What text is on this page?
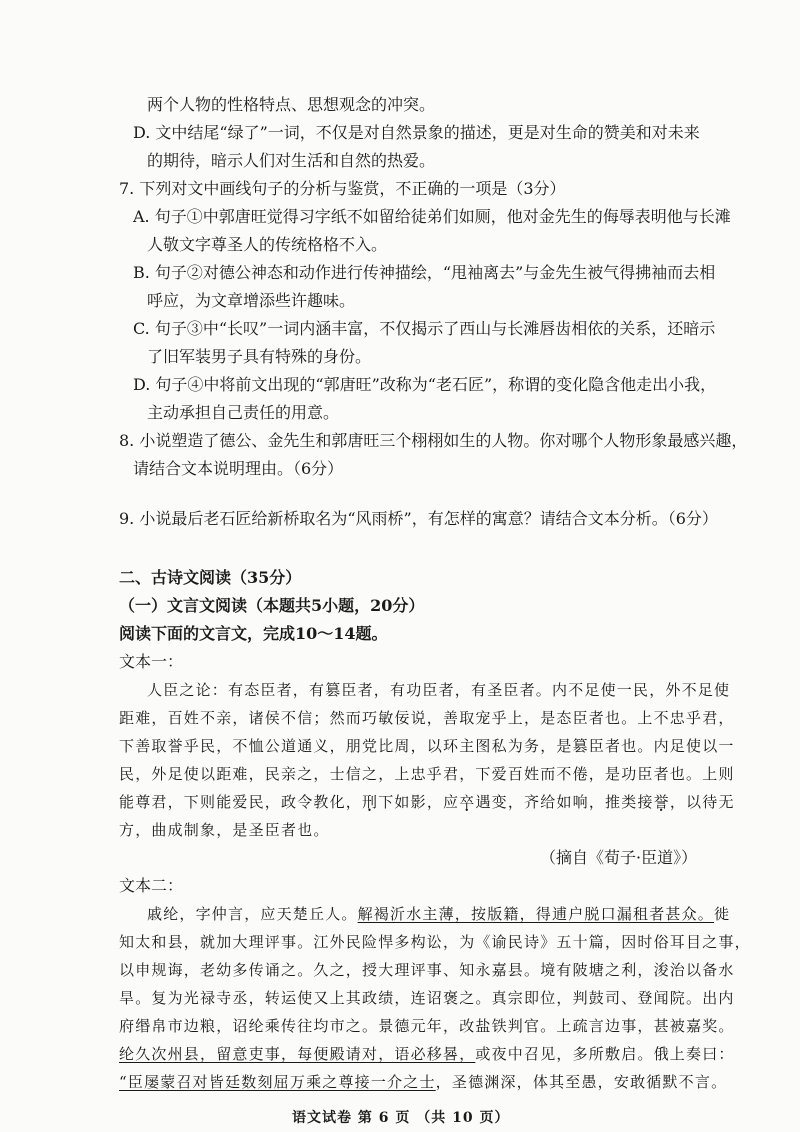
两个人物的性格特点、思想观念的冲突。
D. 文中结尾“绿了”一词，不仅是对自然景象的描述，更是对生命的赞美和对未来
的期待，暗示人们对生活和自然的热爱。
7. 下列对文中画线句子的分析与鉴赏，不正确的一项是（3分）
A. 句子①中郭唐旺觉得习字纸不如留给徒弟们如厕，他对金先生的侮辱表明他与长滩
人敬文字尊圣人的传统格格不入。
B. 句子②对德公神态和动作进行传神描绘，“甩袖离去”与金先生被气得拂袖而去相
呼应，为文章增添些许趣味。
C. 句子③中“长叹”一词内涵丰富，不仅揭示了西山与长滩唇齿相依的关系，还暗示
了旧军装男子具有特殊的身份。
D. 句子④中将前文出现的“郭唐旺”改称为“老石匠”，称谓的变化隐含他走出小我，
主动承担自己责任的用意。
8. 小说塑造了德公、金先生和郭唐旺三个栩栩如生的人物。你对哪个人物形象最感兴趣，
请结合文本说明理由。（6分）
9. 小说最后老石匠给新桥取名为“风雨桥”，有怎样的寓意？请结合文本分析。（6分）
二、古诗文阅读（35分）
（一）文言文阅读（本题共5小题，20分）
阅读下面的文言文，完成10～14题。
文本一：
人臣之论：有态臣者，有篡臣者，有功臣者，有圣臣者。内不足使一民，外不足使
距难，百姓不亲，诸侯不信；然而巧敏佞说，善取宠乎上，是态臣者也。上不忠乎君，
下善取誉乎民，不恤公道通义，朋党比周，以环主图私为务，是篡臣者也。内足使以一
民，外足使以距难，民亲之，士信之，上忠乎君，下爱百姓而不倦，是功臣者也。上则
能尊君，下则能爱民，政令教化，刑下如影，应卒遇变，齐给如响，推类接誉，以待无
方，曲成制象，是圣臣者也。
（摘自《荀子·臣道》）
文本二：
戚纶，字仲言，应天楚丘人。解褐沂水主薄，按版籍，得逋户脱口漏租者甚众。徙
知太和县，就加大理评事。江外民险悍多构讼，为《谕民诗》五十篇，因时俗耳目之事，
以申规诲，老幼多传诵之。久之，授大理评事、知永嘉县。境有陂塘之利，浚治以备水
旱。复为光禄寺丞，转运使又上其政绩，连诏褒之。真宗即位，判鼓司、登闻院。出内
府缗帛市边粮，诏纶乘传往均市之。景德元年，改盐铁判官。上疏言边事，甚被嘉奖。
纶久次州县，留意吏事，每便殿请对，语必移晷，或夜中召见，多所敷启。俄上奏曰：
“臣屡蒙召对皆廷数刻屈万乘之尊接一介之士，圣德渊深，体其至愚，安敢循默不言。
语文试卷 第 6 页 （共 10 页）
